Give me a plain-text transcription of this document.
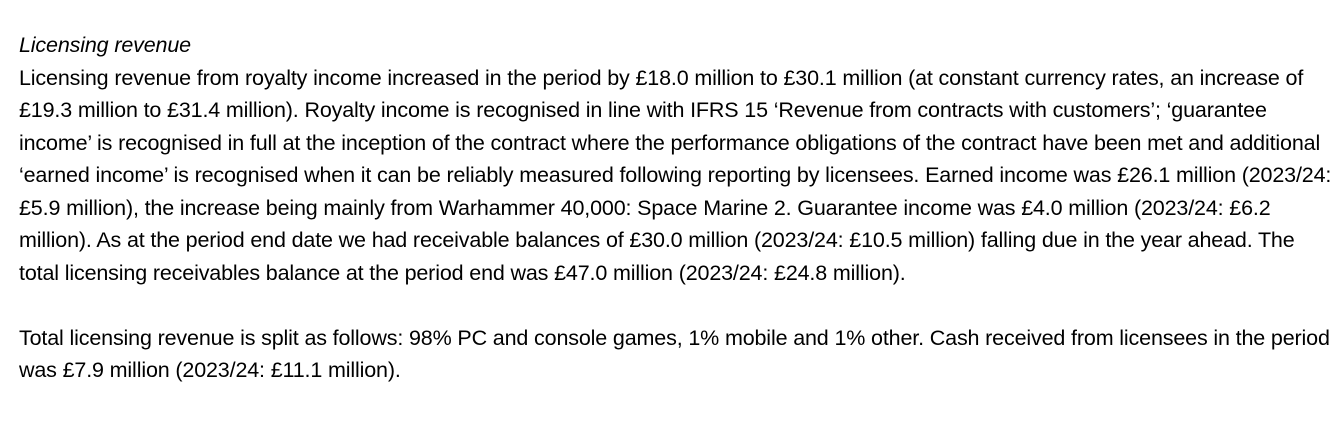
Licensing revenue

Licensing revenue from royalty income increased in the period by £18.0 million to £30.1 million (at constant currency rates, an increase of £19.3 million to £31.4 million). Royalty income is recognised in line with IFRS 15 ‘Revenue from contracts with customers’; ‘guarantee income’ is recognised in full at the inception of the contract where the performance obligations of the contract have been met and additional ‘earned income’ is recognised when it can be reliably measured following reporting by licensees. Earned income was £26.1 million (2023/24: £5.9 million), the increase being mainly from Warhammer 40,000: Space Marine 2. Guarantee income was £4.0 million (2023/24: £6.2 million). As at the period end date we had receivable balances of £30.0 million (2023/24: £10.5 million) falling due in the year ahead. The total licensing receivables balance at the period end was £47.0 million (2023/24: £24.8 million).

Total licensing revenue is split as follows: 98% PC and console games, 1% mobile and 1% other. Cash received from licensees in the period was £7.9 million (2023/24: £11.1 million).
